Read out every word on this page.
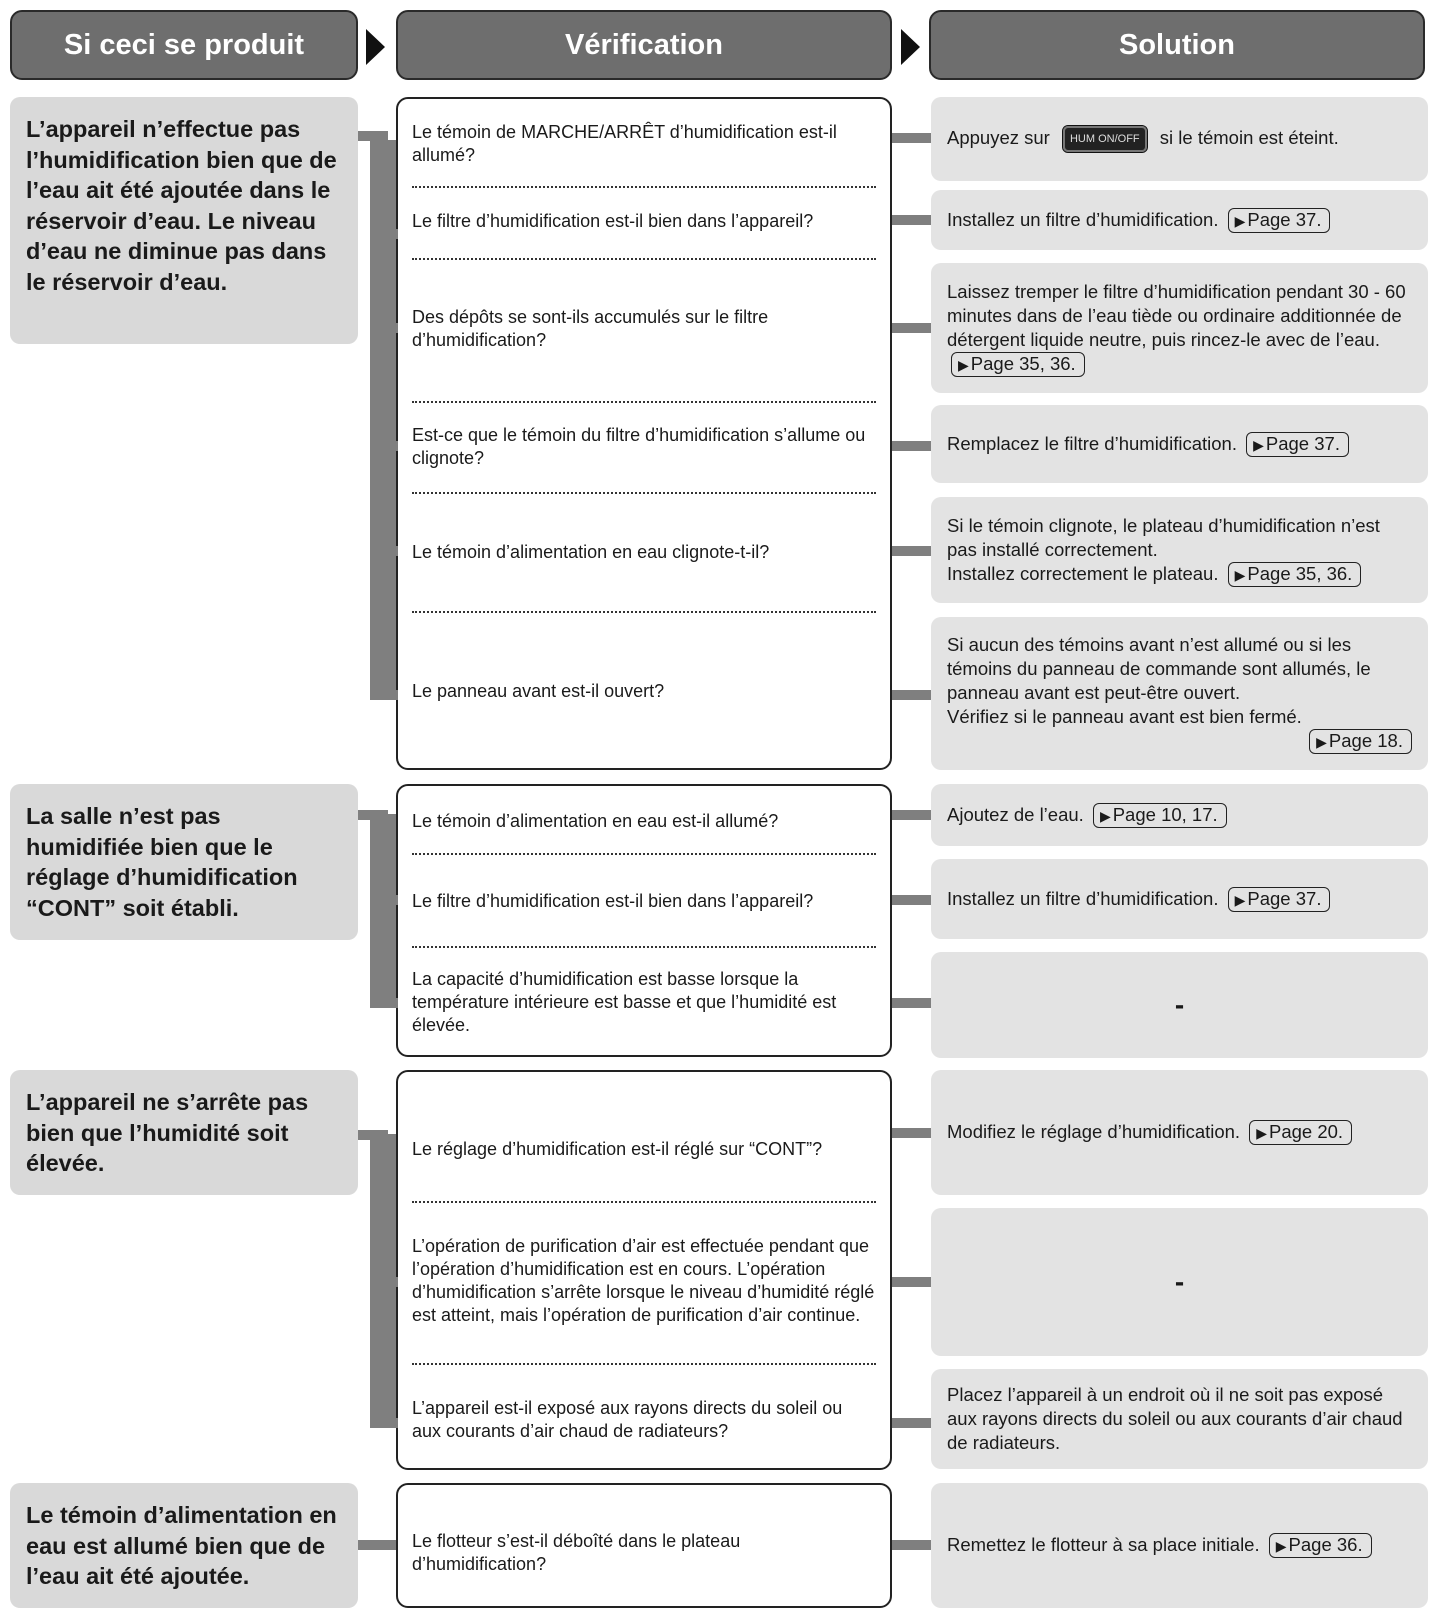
Si ceci se produit	Vérification	Solution
L’appareil n’effectue pas l’humidification bien que de l’eau ait été ajoutée dans le réservoir d’eau. Le niveau d’eau ne diminue pas dans le réservoir d’eau.
Le témoin de MARCHE/ARRÊT d’humidification est-il allumé?
Le filtre d’humidification est-il bien dans l’appareil?
Des dépôts se sont-ils accumulés sur le filtre d’humidification?
Est-ce que le témoin du filtre d’humidification s’allume ou clignote?
Le témoin d’alimentation en eau clignote-t-il?
Le panneau avant est-il ouvert?
Appuyez sur HUM ON/OFF si le témoin est éteint.
Installez un filtre d’humidification. ▶ Page 37.
Laissez tremper le filtre d’humidification pendant 30 - 60 minutes dans de l’eau tiède ou ordinaire additionnée de détergent liquide neutre, puis rincez-le avec de l’eau. ▶ Page 35, 36.
Remplacez le filtre d’humidification. ▶ Page 37.
Si le témoin clignote, le plateau d’humidification n’est pas installé correctement.
Installez correctement le plateau. ▶ Page 35, 36.
Si aucun des témoins avant n’est allumé ou si les témoins du panneau de commande sont allumés, le panneau avant est peut-être ouvert.
Vérifiez si le panneau avant est bien fermé.
▶ Page 18.
La salle n’est pas humidifiée bien que le réglage d’humidification “CONT” soit établi.
Le témoin d’alimentation en eau est-il allumé?
Le filtre d’humidification est-il bien dans l’appareil?
La capacité d’humidification est basse lorsque la température intérieure est basse et que l’humidité est élevée.
Ajoutez de l’eau. ▶ Page 10, 17.
Installez un filtre d’humidification. ▶ Page 37.
-
L’appareil ne s’arrête pas bien que l’humidité soit élevée.
Le réglage d’humidification est-il réglé sur “CONT”?
L’opération de purification d’air est effectuée pendant que l’opération d’humidification est en cours. L’opération d’humidification s’arrête lorsque le niveau d’humidité réglé est atteint, mais l’opération de purification d’air continue.
L’appareil est-il exposé aux rayons directs du soleil ou aux courants d’air chaud de radiateurs?
Modifiez le réglage d’humidification. ▶ Page 20.
-
Placez l’appareil à un endroit où il ne soit pas exposé aux rayons directs du soleil ou aux courants d’air chaud de radiateurs.
Le témoin d’alimentation en eau est allumé bien que de l’eau ait été ajoutée.
Le flotteur s’est-il déboîté dans le plateau d’humidification?
Remettez le flotteur à sa place initiale. ▶ Page 36.
